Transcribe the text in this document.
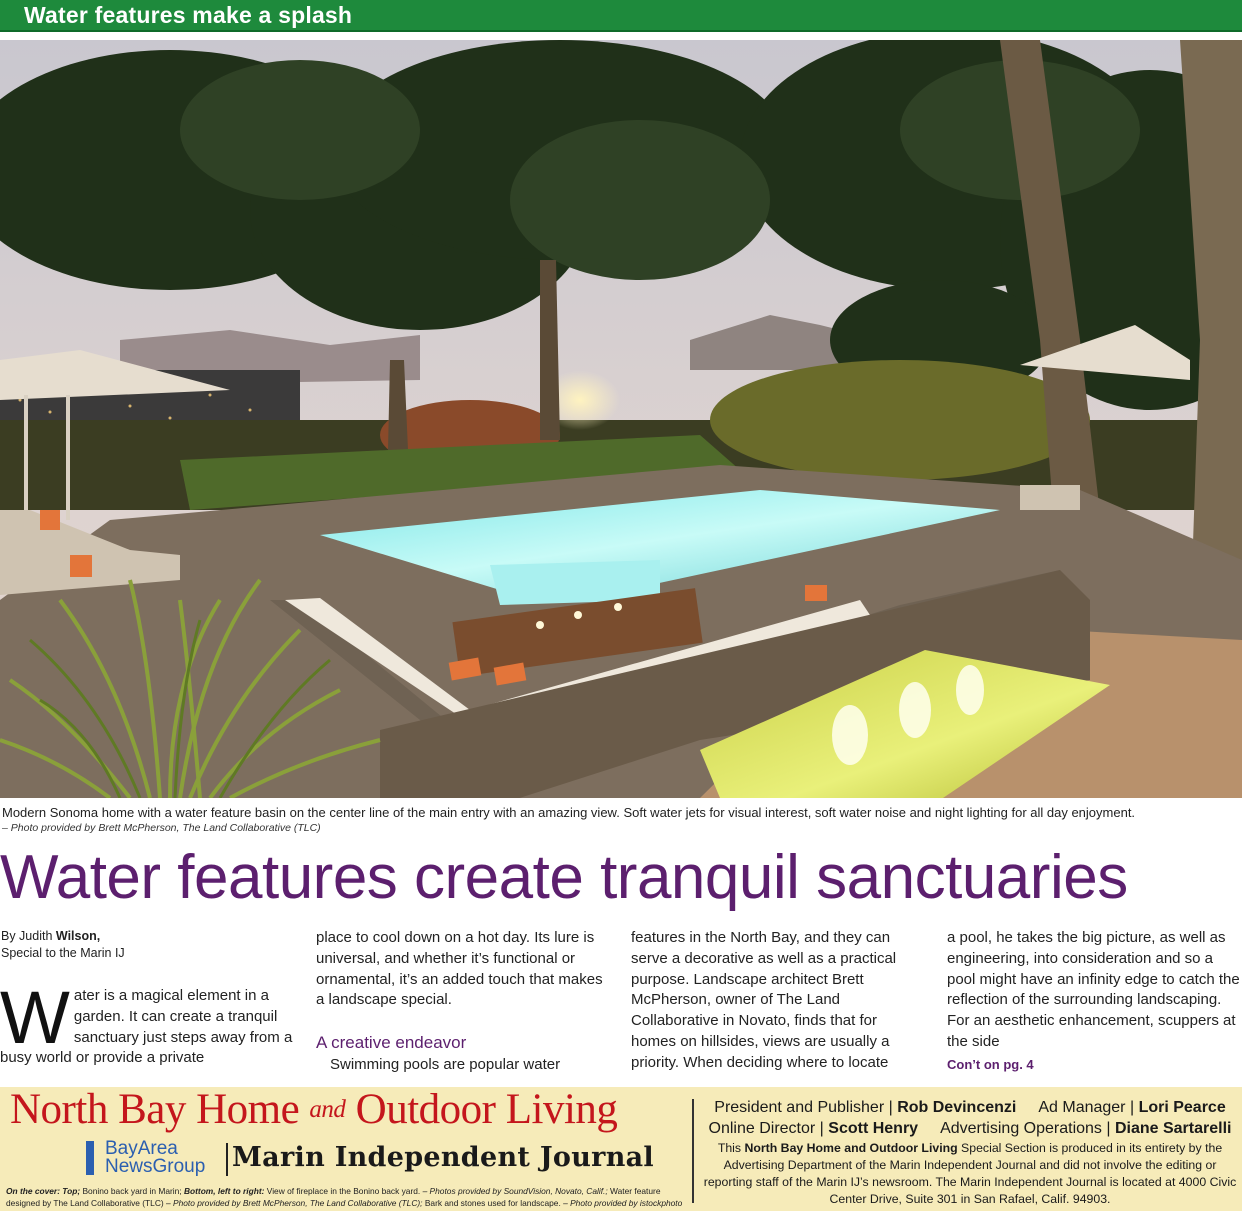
Water features make a splash
Modern Sonoma home with a water feature basin on the center line of the main entry with an amazing view. Soft water jets for visual interest, soft water noise and night lighting for all day enjoyment.
– Photo provided by Brett McPherson, The Land Collaborative (TLC)
Water features create tranquil sanctuaries
By Judith Wilson,
Special to the Marin IJ
W ater is a magical element in a garden. It can create a tranquil sanctuary just steps away from a busy world or provide a private
place to cool down on a hot day. Its lure is universal, and whether it’s functional or ornamental, it’s an added touch that makes a landscape special.
A creative endeavor
Swimming pools are popular water
features in the North Bay, and they can serve a decorative as well as a practical purpose. Landscape architect Brett McPherson, owner of The Land Collaborative in Novato, finds that for homes on hillsides, views are usually a priority. When deciding where to locate
a pool, he takes the big picture, as well as engineering, into consideration and so a pool might have an infinity edge to catch the reflection of the surrounding landscaping. For an aesthetic enhancement, scuppers at the side
Con’t on pg. 4
North Bay Home and Outdoor Living
BayArea
NewsGroup Marin Independent Journal
On the cover: Top; Bonino back yard in Marin; Bottom, left to right: View of fireplace in the Bonino back yard. – Photos provided by SoundVision, Novato, Calif.; Water feature designed by The Land Collaborative (TLC) – Photo provided by Brett McPherson, The Land Collaborative (TLC); Bark and stones used for landscape. – Photo provided by istockphoto
President and Publisher | Rob Devincenzi Ad Manager | Lori Pearce
Online Director | Scott Henry Advertising Operations | Diane Sartarelli
This North Bay Home and Outdoor Living Special Section is produced in its entirety by the Advertising Department of the Marin Independent Journal and did not involve the editing or reporting staff of the Marin IJ’s newsroom. The Marin Independent Journal is located at 4000 Civic Center Drive, Suite 301 in San Rafael, Calif. 94903.
